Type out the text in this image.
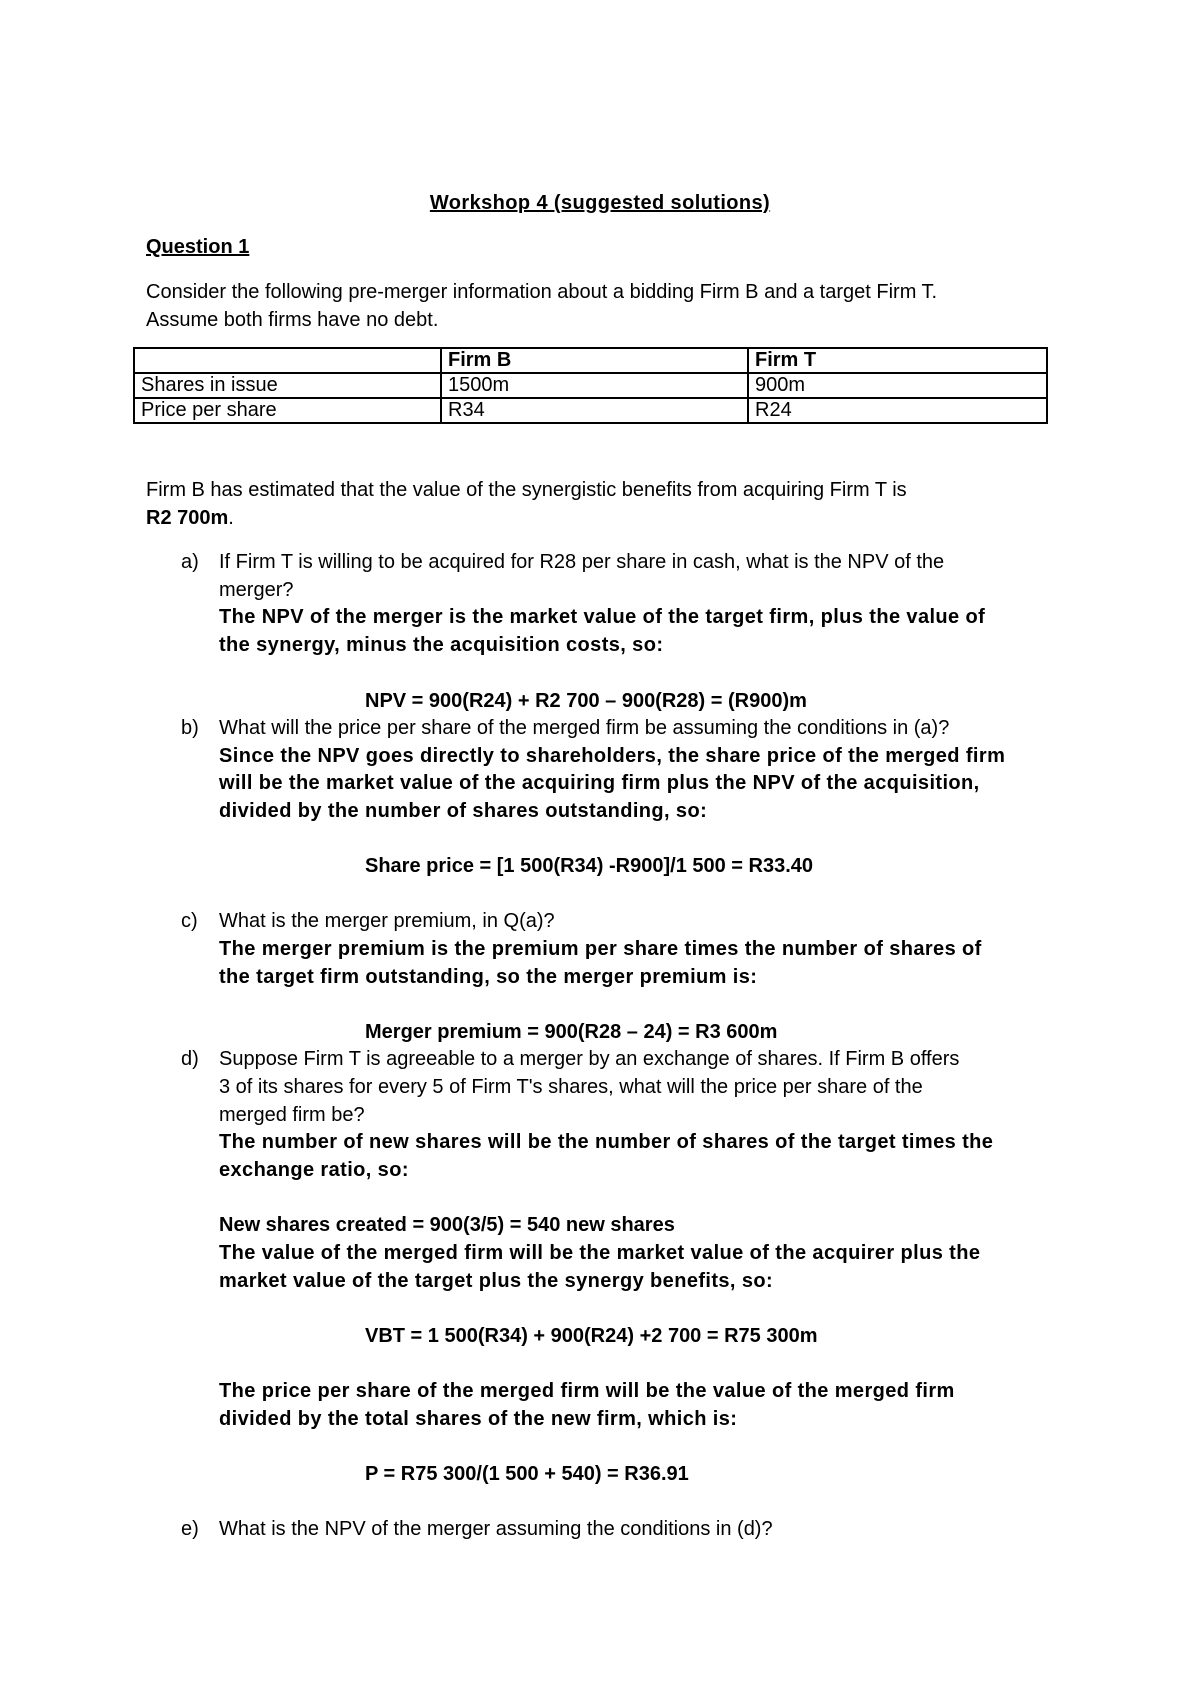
Workshop 4 (suggested solutions)
Question 1
Consider the following pre-merger information about a bidding Firm B and a target Firm T.
Assume both firms have no debt.
	Firm B	Firm T
Shares in issue	1500m	900m
Price per share	R34	R24
Firm B has estimated that the value of the synergistic benefits from acquiring Firm T is
R2 700m.
a) If Firm T is willing to be acquired for R28 per share in cash, what is the NPV of the
merger?
The NPV of the merger is the market value of the target firm, plus the value of
the synergy, minus the acquisition costs, so:
NPV = 900(R24) + R2 700 – 900(R28) = (R900)m
b) What will the price per share of the merged firm be assuming the conditions in (a)?
Since the NPV goes directly to shareholders, the share price of the merged firm
will be the market value of the acquiring firm plus the NPV of the acquisition,
divided by the number of shares outstanding, so:
Share price = [1 500(R34) -R900]/1 500 = R33.40
c) What is the merger premium, in Q(a)?
The merger premium is the premium per share times the number of shares of
the target firm outstanding, so the merger premium is:
Merger premium = 900(R28 – 24) = R3 600m
d) Suppose Firm T is agreeable to a merger by an exchange of shares. If Firm B offers
3 of its shares for every 5 of Firm T's shares, what will the price per share of the
merged firm be?
The number of new shares will be the number of shares of the target times the
exchange ratio, so:
New shares created = 900(3/5) = 540 new shares
The value of the merged firm will be the market value of the acquirer plus the
market value of the target plus the synergy benefits, so:
VBT = 1 500(R34) + 900(R24) +2 700 = R75 300m
The price per share of the merged firm will be the value of the merged firm
divided by the total shares of the new firm, which is:
P = R75 300/(1 500 + 540) = R36.91
e) What is the NPV of the merger assuming the conditions in (d)?
